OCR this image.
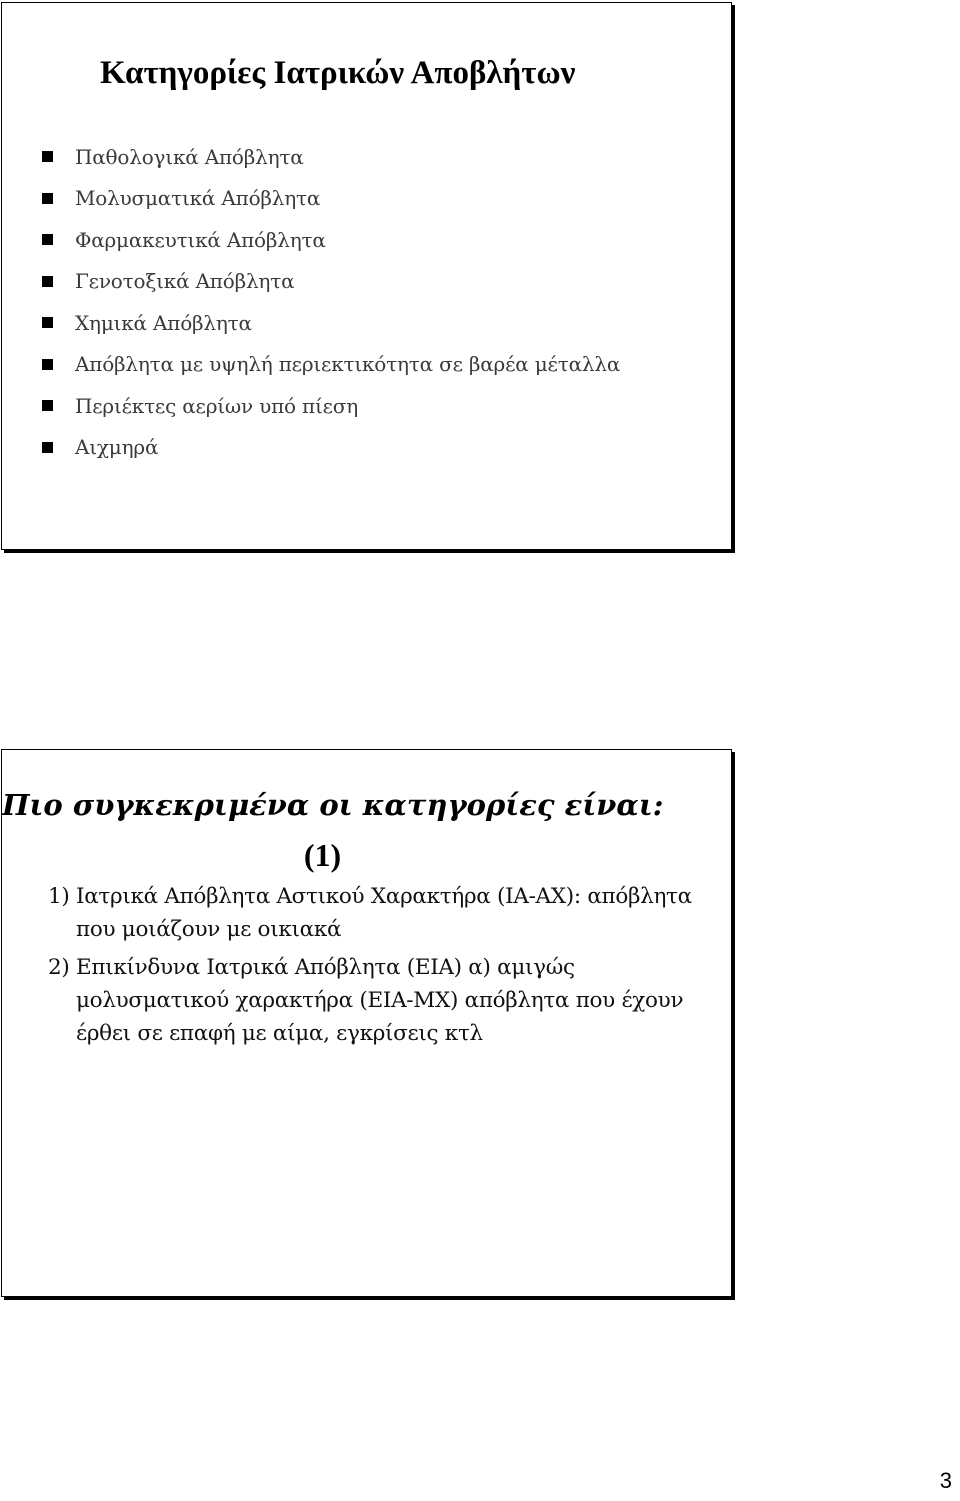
Κατηγορίες Ιατρικών Αποβλήτων
Παθολογικά Απόβλητα
Μολυσματικά Απόβλητα
Φαρμακευτικά Απόβλητα
Γενοτοξικά Απόβλητα
Χημικά Απόβλητα
Απόβλητα με υψηλή περιεκτικότητα σε βαρέα μέταλλα
Περιέκτες αερίων υπό πίεση
Αιχμηρά
Πιο συγκεκριμένα οι κατηγορίες είναι:
(1)

1) Ιατρικά Απόβλητα Αστικού Χαρακτήρα (ΙΑ-ΑΧ): απόβλητα που μοιάζουν με οικιακά

2) Επικίνδυνα Ιατρικά Απόβλητα (ΕΙΑ) α) αμιγώς μολυσματικού χαρακτήρα (ΕΙΑ-ΜΧ) απόβλητα που έχουν έρθει σε επαφή με αίμα, εγκρίσεις κτλ

3
